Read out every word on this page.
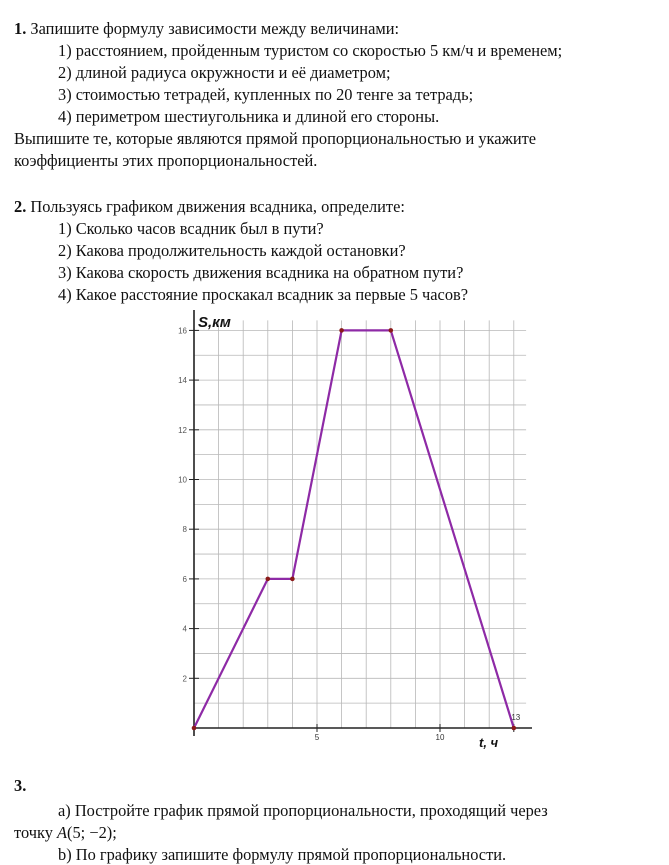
1. Запишите формулу зависимости между величинами:
1) расстоянием, пройденным туристом со скоростью 5 км/ч и временем;
2) длиной радиуса окружности и её диаметром;
3) стоимостью тетрадей, купленных по 20 тенге за тетрадь;
4) периметром шестиугольника и длиной его стороны.
Выпишите те, которые являются прямой пропорциональностью и укажите
коэффициенты этих пропорциональностей.
2. Пользуясь графиком движения всадника, определите:
1) Сколько часов всадник был в пути?
2) Какова продолжительность каждой остановки?
3) Какова скорость движения всадника на обратном пути?
4) Какое расстояние проскакал всадник за первые 5 часов?
2
4
6
8
10
12
14
16
5	10
13
S,км
t, ч
3.
а) Постройте график прямой пропорциональности, проходящий через
точку A(5; −2);
b) По графику запишите формулу прямой пропорциональности.
